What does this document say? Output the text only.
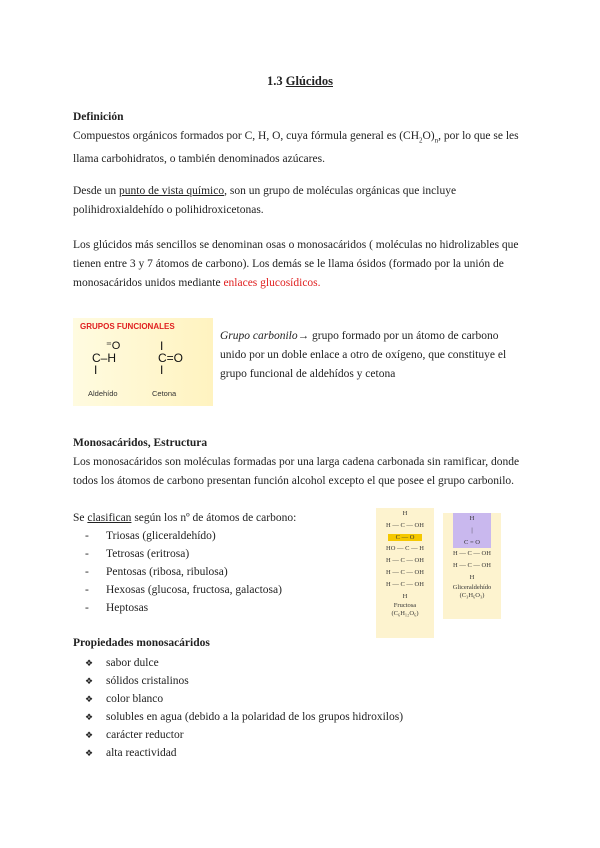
1.3 Glúcidos
Definición
Compuestos orgánicos formados por C, H, O, cuya fórmula general es $(CH_2O)_n$, por lo que se les
llama carbohidratos, o también denominados azúcares.
Desde un punto de vista químico, son un grupo de moléculas orgánicas que incluye
polihidroxialdehído o polihidroxicetonas.
Los glúcidos más sencillos se denominan osas o monosacáridos ( moléculas no hidrolizables que
tienen entre 3 y 7 átomos de carbono). Los demás se le llama ósidos (formado por la unión de
monosacáridos unidos mediante enlaces glucosídicos.
GRUPOS FUNCIONALES
⁼O
C–H
I
I
C=O
I
Aldehído	Cetona
Grupo carbonilo→ grupo formado por un átomo de carbono
unido por un doble enlace a otro de oxígeno, que constituye el
grupo funcional de aldehídos y cetona
Monosacáridos, Estructura
Los monosacáridos son moléculas formadas por una larga cadena carbonada sin ramificar, donde
todos los átomos de carbono presentan función alcohol excepto el que posee el grupo carbonilo.
Se clasifican según los nº de átomos de carbono:
- Triosas (gliceraldehído)
- Tetrosas (eritrosa)
- Pentosas (ribosa, ribulosa)
- Hexosas (glucosa, fructosa, galactosa)
- Heptosas
H
H — C — OH
C — O
HO — C — H
H — C — OH
H — C — OH
H — C — OH
H
Fructosa
(C₆H₁₂O₆)
H
|
C = O
H — C — OH
H — C — OH
H
Gliceraldehído
(C₃H₆O₃)
Propiedades monosacáridos
❖ sabor dulce
❖ sólidos cristalinos
❖ color blanco
❖ solubles en agua (debido a la polaridad de los grupos hidroxilos)
❖ carácter reductor
❖ alta reactividad
